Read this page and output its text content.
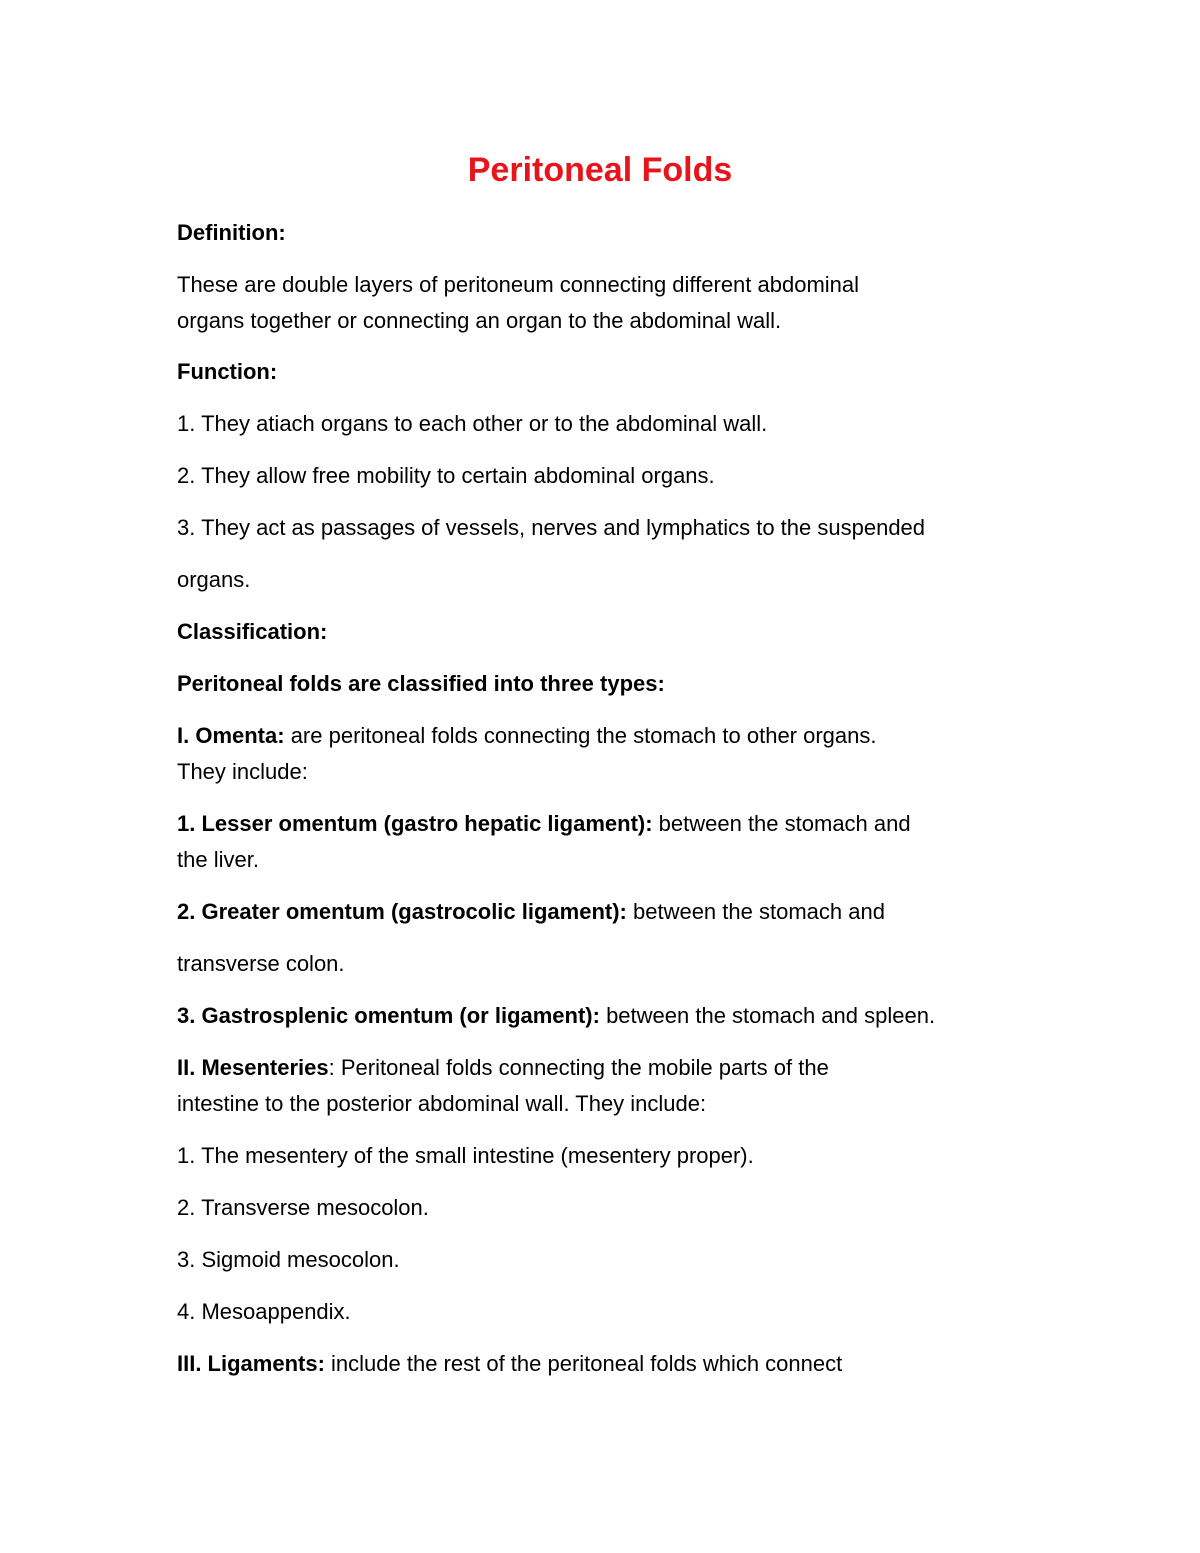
Peritoneal Folds
Definition:
These are double layers of peritoneum connecting different abdominal
organs together or connecting an organ to the abdominal wall.
Function:
1. They atiach organs to each other or to the abdominal wall.
2. They allow free mobility to certain abdominal organs.
3. They act as passages of vessels, nerves and lymphatics to the suspended
organs.
Classification:
Peritoneal folds are classified into three types:
I. Omenta: are peritoneal folds connecting the stomach to other organs.
They include:
1. Lesser omentum (gastro hepatic ligament): between the stomach and
the liver.
2. Greater omentum (gastrocolic ligament): between the stomach and
transverse colon.
3. Gastrosplenic omentum (or ligament): between the stomach and spleen.
II. Mesenteries: Peritoneal folds connecting the mobile parts of the
intestine to the posterior abdominal wall. They include:
1. The mesentery of the small intestine (mesentery proper).
2. Transverse mesocolon.
3. Sigmoid mesocolon.
4. Mesoappendix.
III. Ligaments: include the rest of the peritoneal folds which connect
